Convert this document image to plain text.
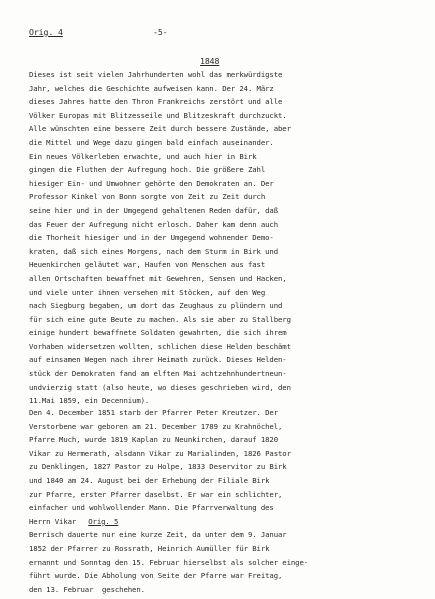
Orig. 4	-5-
1848
Dieses ist seit vielen Jahrhunderten wohl das merkwürdigste
Jahr, welches die Geschichte aufweisen kann. Der 24. März
dieses Jahres hatte den Thron Frankreichs zerstört und alle
Völker Europas mit Blitzesseile und Blitzeskraft durchzuckt.
Alle wünschten eine bessere Zeit durch bessere Zustände, aber
die Mittel und Wege dazu gingen bald einfach auseinander.
Ein neues Völkerleben erwachte, und auch hier in Birk
gingen die Fluthen der Aufregung hoch. Die größere Zahl
hiesiger Ein- und Umwohner gehörte den Demokraten an. Der
Professor Kinkel von Bonn sorgte von Zeit zu Zeit durch
seine hier und in der Umgegend gehaltenen Reden dafür, daß
das Feuer der Aufregung nicht erlosch. Daher kam denn auch
die Thorheit hiesiger und in der Umgegend wohnender Demo-
kraten, daß sich eines Morgens, nach dem Sturm in Birk und
Heuenkirchen geläutet war, Haufen von Menschen aus fast
allen Ortschaften bewaffnet mit Gewehren, Sensen und Hacken,
und viele unter ihnen versehen mit Stöcken, auf den Weg
nach Siegburg begaben, um dort das Zeughaus zu plündern und
für sich eine gute Beute zu machen. Als sie aber zu Stallberg
einige hundert bewaffnete Soldaten gewahrten, die sich ihrem
Vorhaben widersetzen wollten, schlichen diese Helden beschämt
auf einsamen Wegen nach ihrer Heimath zurück. Dieses Helden-
stück der Demokraten fand am elften Mai achtzehnhundertneun-
undvierzig statt (also heute, wo dieses geschrieben wird, den
11.Mai 1859, ein Decennium).
Den 4. December 1851 starb der Pfarrer Peter Kreutzer. Der
Verstorbene war geboren am 21. December 1789 zu Krahnöchel,
Pfarre Much, wurde 1819 Kaplan zu Neunkirchen, darauf 1820
Vikar zu Hermerath, alsdann Vikar zu Marialinden, 1826 Pastor
zu Denklingen, 1827 Pastor zu Holpe, 1833 Deservitor zu Birk
und 1840 am 24. August bei der Erhebung der Filiale Birk
zur Pfarre, erster Pfarrer daselbst. Er war ein schlichter,
einfacher und wohlwollender Mann. Die Pfarrverwaltung des
Herrn Vikar Orig. 5
Berrisch dauerte nur eine kurze Zeit, da unter dem 9. Januar
1852 der Pfarrer zu Rossrath, Heinrich Aumüller für Birk
ernannt und Sonntag den 15. Februar hierselbst als solcher einge-
führt wurde. Die Abholung von Seite der Pfarre war Freitag,
den 13. Februar  geschehen.
